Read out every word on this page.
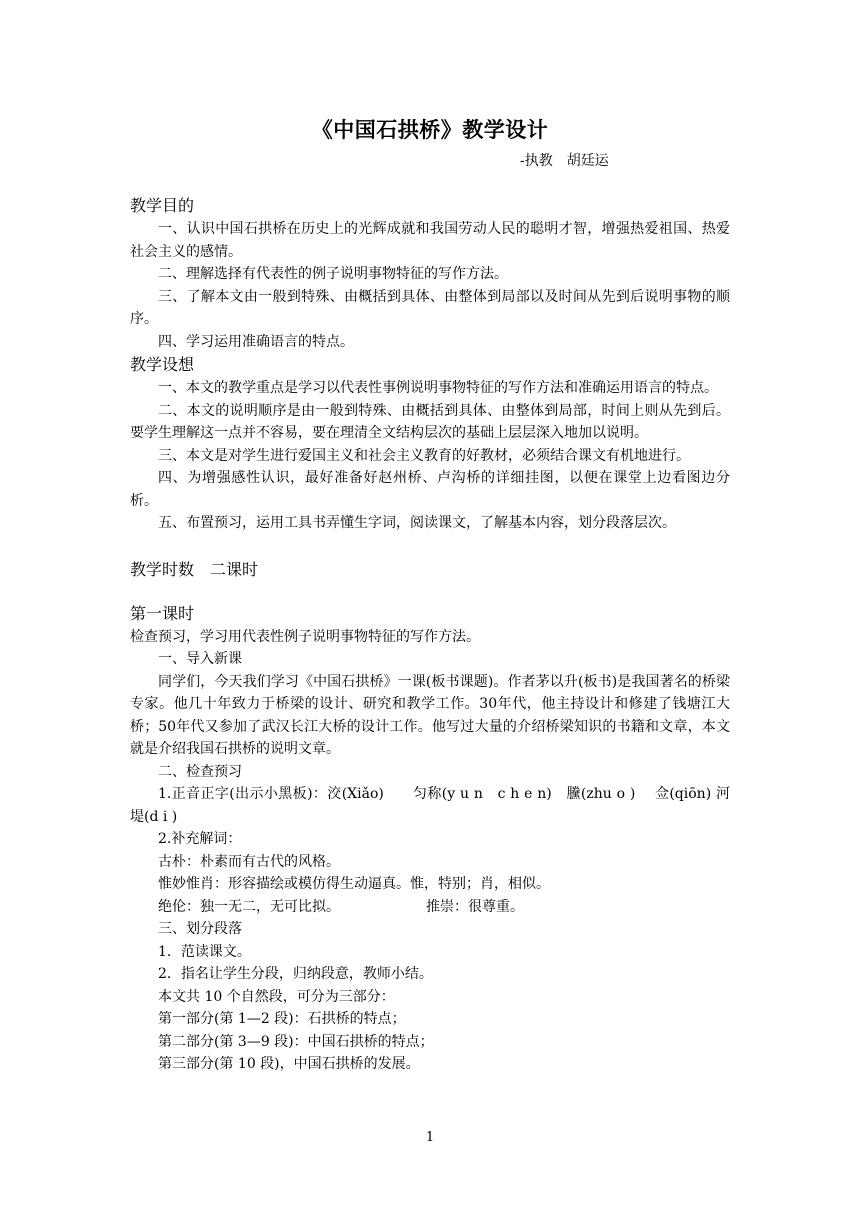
《中国石拱桥》教学设计
-执教　胡廷运

教学目的

一、认识中国石拱桥在历史上的光辉成就和我国劳动人民的聪明才智，增强热爱祖国、热爱社会主义的感情。

二、理解选择有代表性的例子说明事物特征的写作方法。

三、了解本文由一般到特殊、由概括到具体、由整体到局部以及时间从先到后说明事物的顺序。

四、学习运用准确语言的特点。

教学设想

一、本文的教学重点是学习以代表性事例说明事物特征的写作方法和准确运用语言的特点。

二、本文的说明顺序是由一般到特殊、由概括到具体、由整体到局部，时间上则从先到后。要学生理解这一点并不容易，要在理清全文结构层次的基础上层层深入地加以说明。

三、本文是对学生进行爱国主义和社会主义教育的好教材，必须结合课文有机地进行。

四、为增强感性认识，最好准备好赵州桥、卢沟桥的详细挂图，以便在课堂上边看图边分析。

五、布置预习，运用工具书弄懂生字词，阅读课文，了解基本内容，划分段落层次。

教学时数　二课时

第一课时

检查预习，学习用代表性例子说明事物特征的写作方法。

一、导入新课

同学们，今天我们学习《中国石拱桥》一课(板书课题)。作者茅以升(板书)是我国著名的桥梁专家。他几十年致力于桥梁的设计、研究和教学工作。30年代，他主持设计和修建了钱塘江大桥；50年代又参加了武汉长江大桥的设计工作。他写过大量的介绍桥梁知识的书籍和文章，本文就是介绍我国石拱桥的说明文章。

二、检查预习

1.正音正字(出示小黑板)：洨(Xiǎo)　　匀称(y u n　c h e n)　黱(zhu o )　 佥(qiōn) 河堤(d i )

2.补充解词：

古朴：朴素而有古代的风格。

惟妙惟肖：形容描绘或模仿得生动逼真。惟，特别；肖，相似。

绝伦：独一无二，无可比拟。	推崇：很尊重。

三、划分段落

1．范读课文。

2．指名让学生分段，归纳段意，教师小结。

本文共 10 个自然段，可分为三部分：

第一部分(第 1—2 段)：石拱桥的特点；

第二部分(第 3—9 段)：中国石拱桥的特点；

第三部分(第 10 段)，中国石拱桥的发展。

1
